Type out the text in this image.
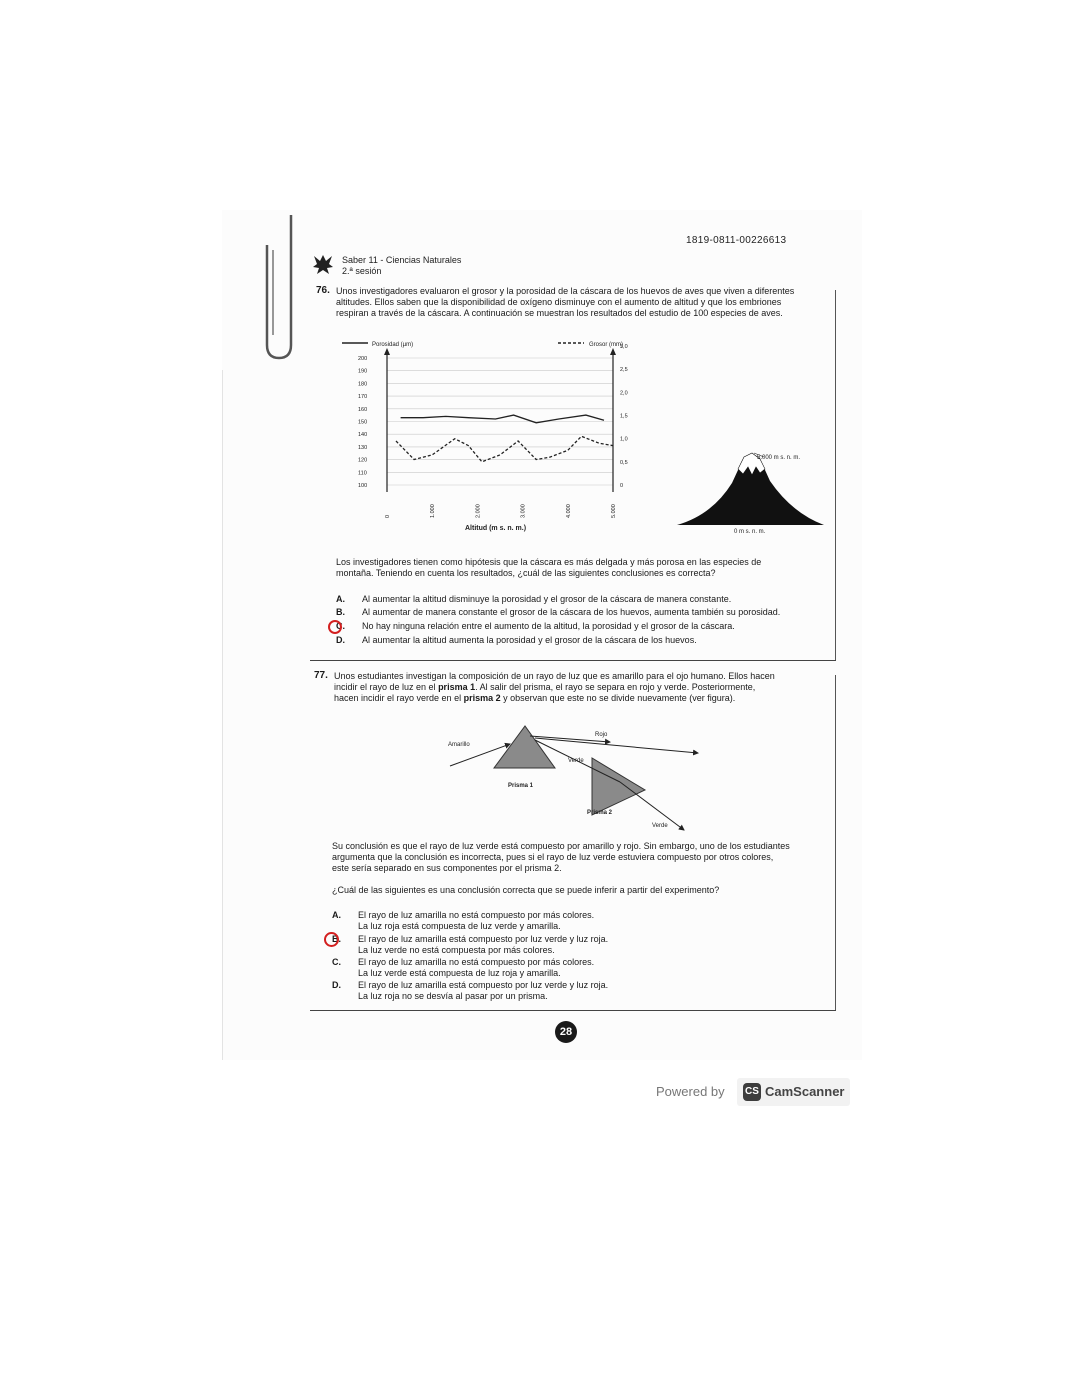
1819-0811-00226613
Saber 11 - Ciencias Naturales
2.ª sesión
76. Unos investigadores evaluaron el grosor y la porosidad de la cáscara de los huevos de aves que viven a diferentes
altitudes. Ellos saben que la disponibilidad de oxígeno disminuye con el aumento de altitud y que los embriones
respiran a través de la cáscara. A continuación se muestran los resultados del estudio de 100 especies de aves.
200
190
180
170
160
150
140
130
120
110
100
3,0
2,5
2,0
1,5
1,0
0,5
0
0	1.000	2.000	3.000	4.000	5.000
Porosidad (µm)	Grosor (mm)
Altitud (m s. n. m.)
5.000 m s. n. m.
0 m s. n. m.
Los investigadores tienen como hipótesis que la cáscara es más delgada y más porosa en las especies de
montaña. Teniendo en cuenta los resultados, ¿cuál de las siguientes conclusiones es correcta?
A. Al aumentar la altitud disminuye la porosidad y el grosor de la cáscara de manera constante.
B. Al aumentar de manera constante el grosor de la cáscara de los huevos, aumenta también su porosidad.
C. No hay ninguna relación entre el aumento de la altitud, la porosidad y el grosor de la cáscara.
D. Al aumentar la altitud aumenta la porosidad y el grosor de la cáscara de los huevos.
77. Unos estudiantes investigan la composición de un rayo de luz que es amarillo para el ojo humano. Ellos hacen
incidir el rayo de luz en el prisma 1. Al salir del prisma, el rayo se separa en rojo y verde. Posteriormente,
hacen incidir el rayo verde en el prisma 2 y observan que este no se divide nuevamente (ver figura).
Amarillo
Rojo
Verde
Prisma 1
Prisma 2
Verde
Su conclusión es que el rayo de luz verde está compuesto por amarillo y rojo. Sin embargo, uno de los estudiantes
argumenta que la conclusión es incorrecta, pues si el rayo de luz verde estuviera compuesto por otros colores,
este sería separado en sus componentes por el prisma 2.
¿Cuál de las siguientes es una conclusión correcta que se puede inferir a partir del experimento?
A. El rayo de luz amarilla no está compuesto por más colores.
La luz roja está compuesta de luz verde y amarilla.
B. El rayo de luz amarilla está compuesto por luz verde y luz roja.
La luz verde no está compuesta por más colores.
C. El rayo de luz amarilla no está compuesto por más colores.
La luz verde está compuesta de luz roja y amarilla.
D. El rayo de luz amarilla está compuesto por luz verde y luz roja.
La luz roja no se desvía al pasar por un prisma.
28
Powered by CS CamScanner
